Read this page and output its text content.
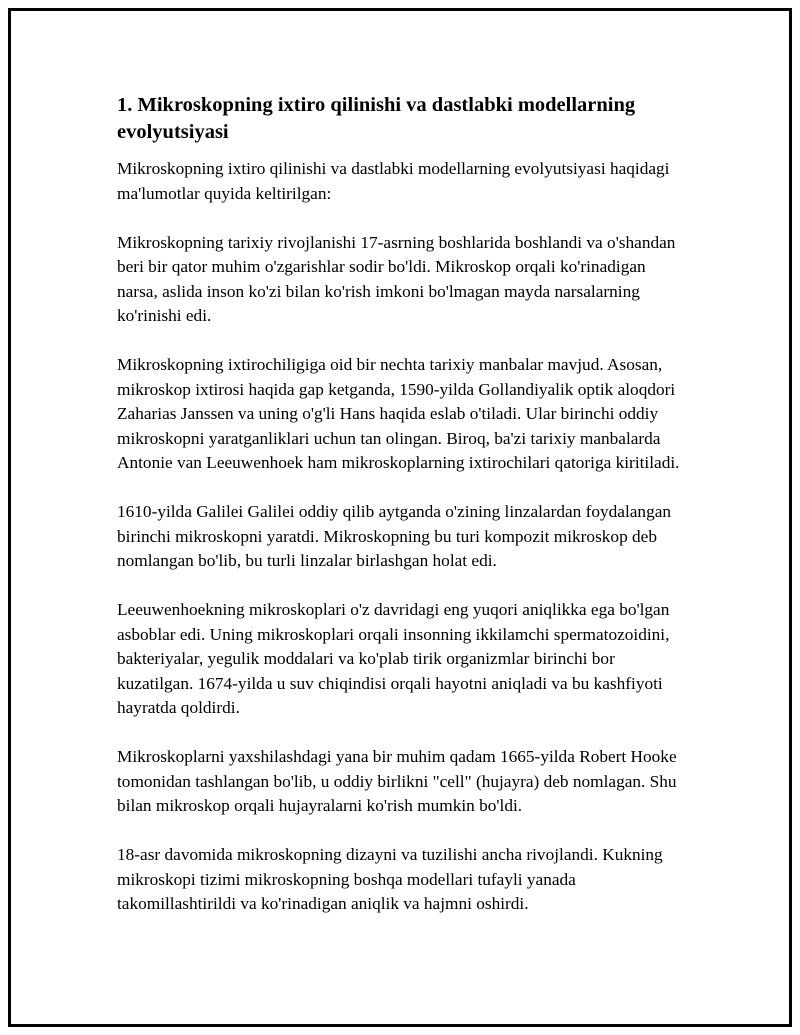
1. Mikroskopning ixtiro qilinishi va dastlabki modellarning evolyutsiyasi

Mikroskopning ixtiro qilinishi va dastlabki modellarning evolyutsiyasi haqidagi ma'lumotlar quyida keltirilgan:

Mikroskopning tarixiy rivojlanishi 17-asrning boshlarida boshlandi va o'shandan beri bir qator muhim o'zgarishlar sodir bo'ldi. Mikroskop orqali ko'rinadigan narsa, aslida inson ko'zi bilan ko'rish imkoni bo'lmagan mayda narsalarning ko'rinishi edi.

Mikroskopning ixtirochiligiga oid bir nechta tarixiy manbalar mavjud. Asosan, mikroskop ixtirosi haqida gap ketganda, 1590-yilda Gollandiyalik optik aloqdori Zaharias Janssen va uning o'g'li Hans haqida eslab o'tiladi. Ular birinchi oddiy mikroskopni yaratganliklari uchun tan olingan. Biroq, ba'zi tarixiy manbalarda Antonie van Leeuwenhoek ham mikroskoplarning ixtirochilari qatoriga kiritiladi.

1610-yilda Galilei Galilei oddiy qilib aytganda o'zining linzalardan foydalangan birinchi mikroskopni yaratdi. Mikroskopning bu turi kompozit mikroskop deb nomlangan bo'lib, bu turli linzalar birlashgan holat edi.

Leeuwenhoekning mikroskoplari o'z davridagi eng yuqori aniqlikka ega bo'lgan asboblar edi. Uning mikroskoplari orqali insonning ikkilamchi spermatozoidini, bakteriyalar, yegulik moddalari va ko'plab tirik organizmlar birinchi bor kuzatilgan. 1674-yilda u suv chiqindisi orqali hayotni aniqladi va bu kashfiyoti hayratda qoldirdi.

Mikroskoplarni yaxshilashdagi yana bir muhim qadam 1665-yilda Robert Hooke tomonidan tashlangan bo'lib, u oddiy birlikni "cell" (hujayra) deb nomlagan. Shu bilan mikroskop orqali hujayralarni ko'rish mumkin bo'ldi.

18-asr davomida mikroskopning dizayni va tuzilishi ancha rivojlandi. Kukning mikroskopi tizimi mikroskopning boshqa modellari tufayli yanada takomillashtirildi va ko'rinadigan aniqlik va hajmni oshirdi.
